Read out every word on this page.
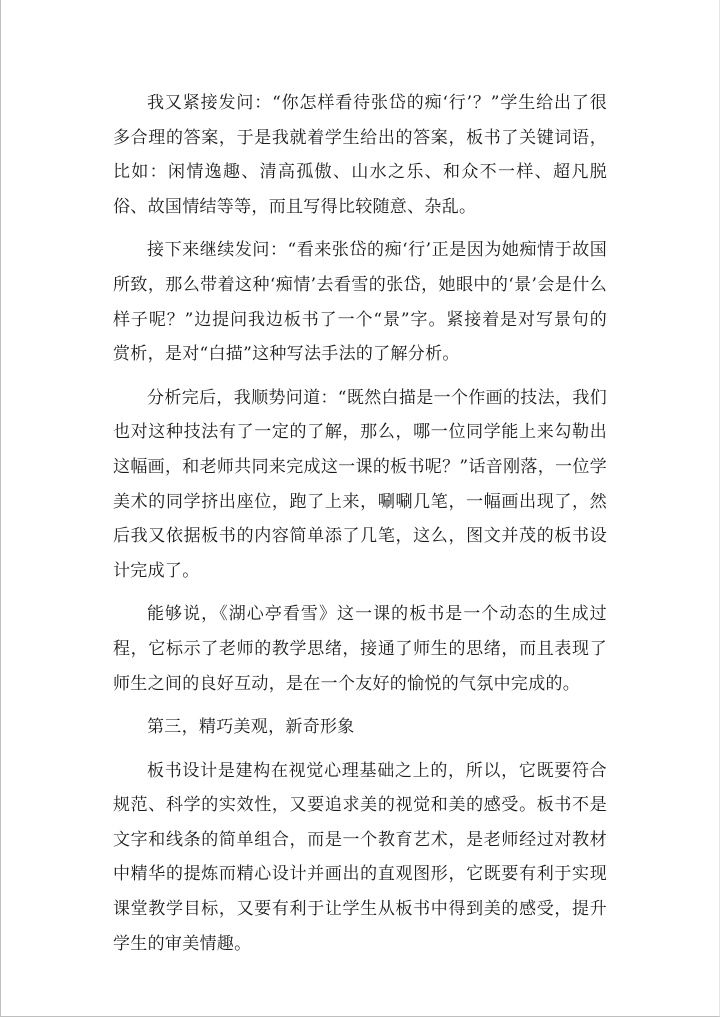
我又紧接发问：“你怎样看待张岱的痴‘行’？”学生给出了很多合理的答案，于是我就着学生给出的答案，板书了关键词语，比如：闲情逸趣、清高孤傲、山水之乐、和众不一样、超凡脱俗、故国情结等等，而且写得比较随意、杂乱。

接下来继续发问：“看来张岱的痴‘行’正是因为她痴情于故国所致，那么带着这种‘痴情’去看雪的张岱，她眼中的‘景’会是什么样子呢？”边提问我边板书了一个“景”字。紧接着是对写景句的赏析，是对“白描”这种写法手法的了解分析。

分析完后，我顺势问道：“既然白描是一个作画的技法，我们也对这种技法有了一定的了解，那么，哪一位同学能上来勾勒出这幅画，和老师共同来完成这一课的板书呢？”话音刚落，一位学美术的同学挤出座位，跑了上来，唰唰几笔，一幅画出现了，然后我又依据板书的内容简单添了几笔，这么，图文并茂的板书设计完成了。

能够说，《湖心亭看雪》这一课的板书是一个动态的生成过程，它标示了老师的教学思绪，接通了师生的思绪，而且表现了师生之间的良好互动，是在一个友好的愉悦的气氛中完成的。

第三，精巧美观，新奇形象

板书设计是建构在视觉心理基础之上的，所以，它既要符合规范、科学的实效性，又要追求美的视觉和美的感受。板书不是文字和线条的简单组合，而是一个教育艺术，是老师经过对教材中精华的提炼而精心设计并画出的直观图形，它既要有利于实现课堂教学目标，又要有利于让学生从板书中得到美的感受，提升学生的审美情趣。
